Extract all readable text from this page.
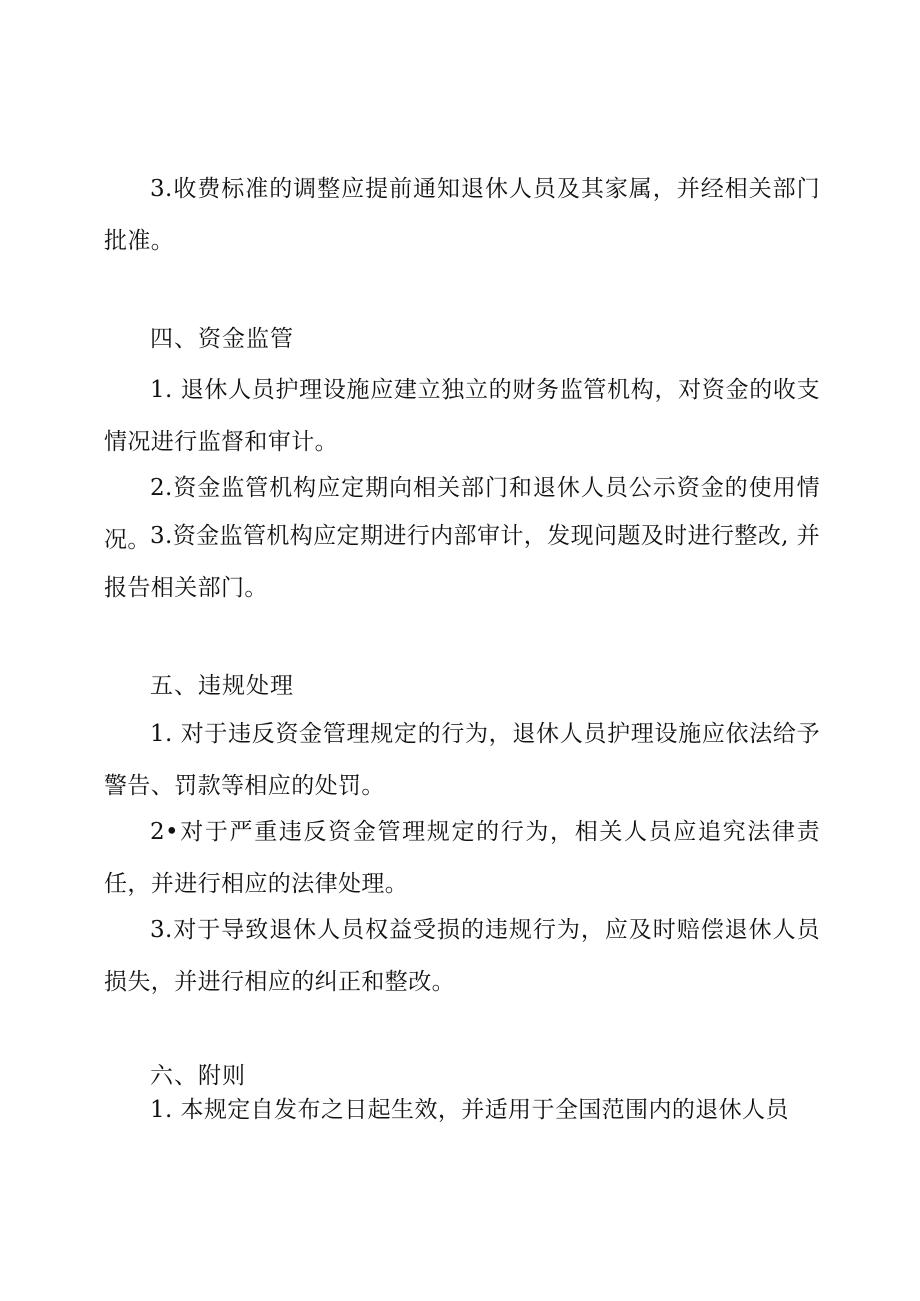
3.收费标准的调整应提前通知退休人员及其家属，并经相关部门批准。

四、资金监管

1. 退休人员护理设施应建立独立的财务监管机构，对资金的收支情况进行监督和审计。

2.资金监管机构应定期向相关部门和退休人员公示资金的使用情况。 3.资金监管机构应定期进行内部审计，发现问题及时进行整改, 并报告相关部门。

五、违规处理

1. 对于违反资金管理规定的行为，退休人员护理设施应依法给予警告、罚款等相应的处罚。

2•对于严重违反资金管理规定的行为，相关人员应追究法律责任，并进行相应的法律处理。

3.对于导致退休人员权益受损的违规行为，应及时赔偿退休人员损失，并进行相应的纠正和整改。

六、附则

1. 本规定自发布之日起生效，并适用于全国范围内的退休人员
